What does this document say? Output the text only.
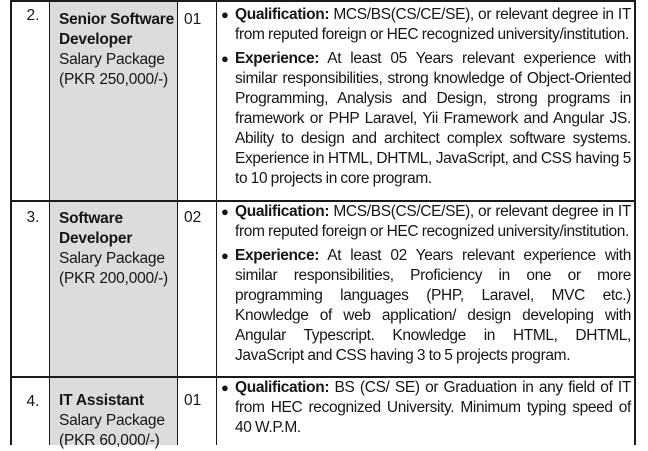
2.	Senior Software
Developer
Salary Package
(PKR 250,000/-)
01	● Qualification: MCS/BS(CS/CE/SE), or relevant degree in IT from reputed foreign or HEC recognized university/institution.
● Experience: At least 05 Years relevant experience with similar responsibilities, strong knowledge of Object-Oriented Programming, Analysis and Design, strong programs in framework or PHP Laravel, Yii Framework and Angular JS. Ability to design and architect complex software systems. Experience in HTML, DHTML, JavaScript, and CSS having 5 to 10 projects in core program.
3.	Software
Developer
Salary Package
(PKR 200,000/-)
02	● Qualification: MCS/BS(CS/CE/SE), or relevant degree in IT from reputed foreign or HEC recognized university/institution.
● Experience: At least 02 Years relevant experience with similar responsibilities, Proficiency in one or more programming languages (PHP, Laravel, MVC etc.) Knowledge of web application/ design developing with Angular Typescript. Knowledge in HTML, DHTML, JavaScript and CSS having 3 to 5 projects program.
4.	IT Assistant
Salary Package
(PKR 60,000/-)
01
● Qualification: BS (CS/ SE) or Graduation in any field of IT from HEC recognized University. Minimum typing speed of 40 W.P.M.
